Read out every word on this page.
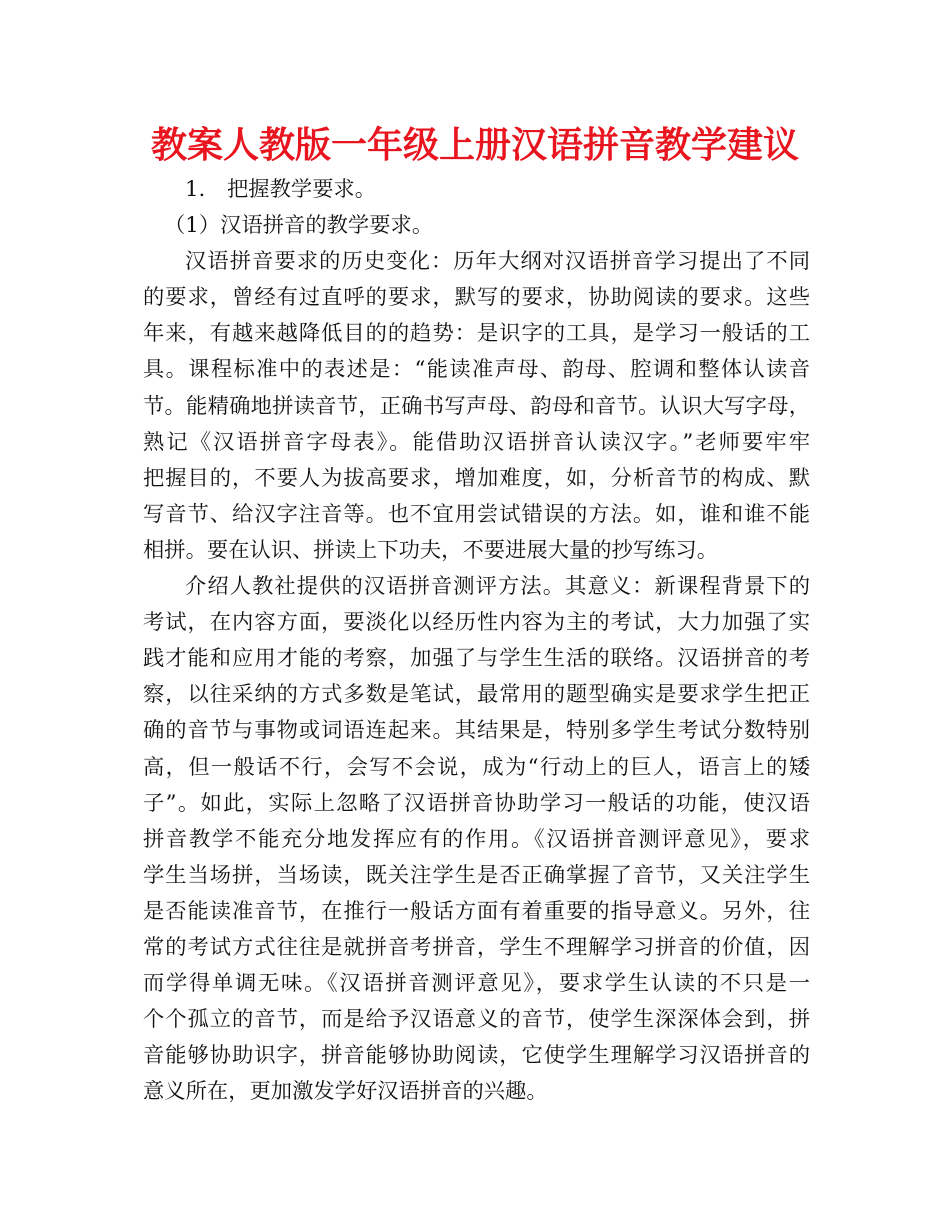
教案人教版一年级上册汉语拼音教学建议
1. 把握教学要求。
（1）汉语拼音的教学要求。
汉语拼音要求的历史变化：历年大纲对汉语拼音学习提出了不同
的要求，曾经有过直呼的要求，默写的要求，协助阅读的要求。这些
年来，有越来越降低目的的趋势：是识字的工具，是学习一般话的工
具。课程标准中的表述是：“能读准声母、韵母、腔调和整体认读音
节。能精确地拼读音节，正确书写声母、韵母和音节。认识大写字母，
熟记《汉语拼音字母表》。能借助汉语拼音认读汉字。”老师要牢牢
把握目的，不要人为拔高要求，增加难度，如，分析音节的构成、默
写音节、给汉字注音等。也不宜用尝试错误的方法。如，谁和谁不能
相拼。要在认识、拼读上下功夫，不要进展大量的抄写练习。
介绍人教社提供的汉语拼音测评方法。其意义：新课程背景下的
考试，在内容方面，要淡化以经历性内容为主的考试，大力加强了实
践才能和应用才能的考察，加强了与学生生活的联络。汉语拼音的考
察，以往采纳的方式多数是笔试，最常用的题型确实是要求学生把正
确的音节与事物或词语连起来。其结果是，特别多学生考试分数特别
高，但一般话不行，会写不会说，成为“行动上的巨人，语言上的矮
子”。如此，实际上忽略了汉语拼音协助学习一般话的功能，使汉语
拼音教学不能充分地发挥应有的作用。《汉语拼音测评意见》，要求
学生当场拼，当场读，既关注学生是否正确掌握了音节，又关注学生
是否能读准音节，在推行一般话方面有着重要的指导意义。另外，往
常的考试方式往往是就拼音考拼音，学生不理解学习拼音的价值，因
而学得单调无味。《汉语拼音测评意见》，要求学生认读的不只是一
个个孤立的音节，而是给予汉语意义的音节，使学生深深体会到，拼
音能够协助识字，拼音能够协助阅读，它使学生理解学习汉语拼音的
意义所在，更加激发学好汉语拼音的兴趣。
